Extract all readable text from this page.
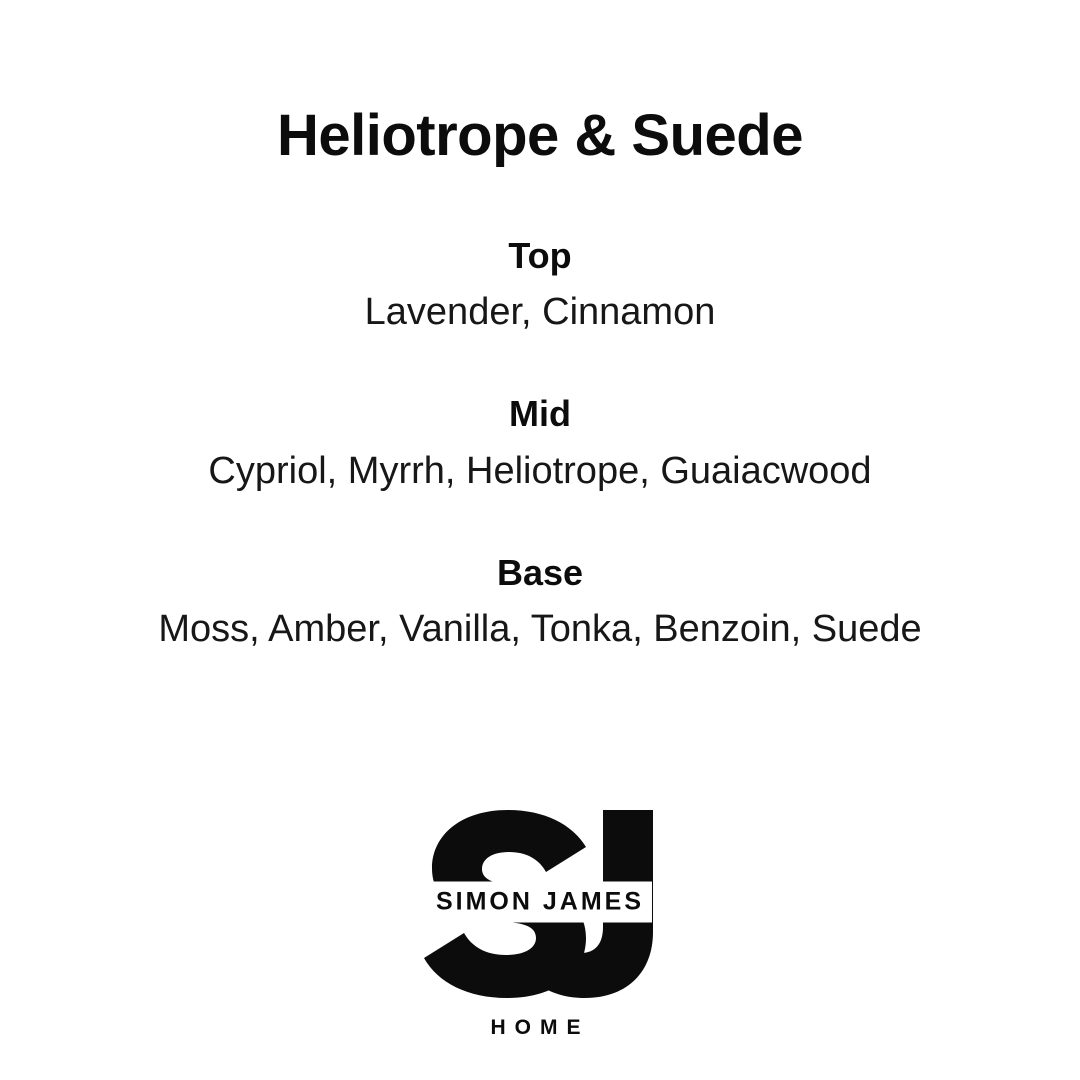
Heliotrope & Suede
Top
Lavender, Cinnamon
Mid
Cypriol, Myrrh, Heliotrope, Guaiacwood
Base
Moss, Amber, Vanilla, Tonka, Benzoin, Suede
SIMON JAMES
HOME
